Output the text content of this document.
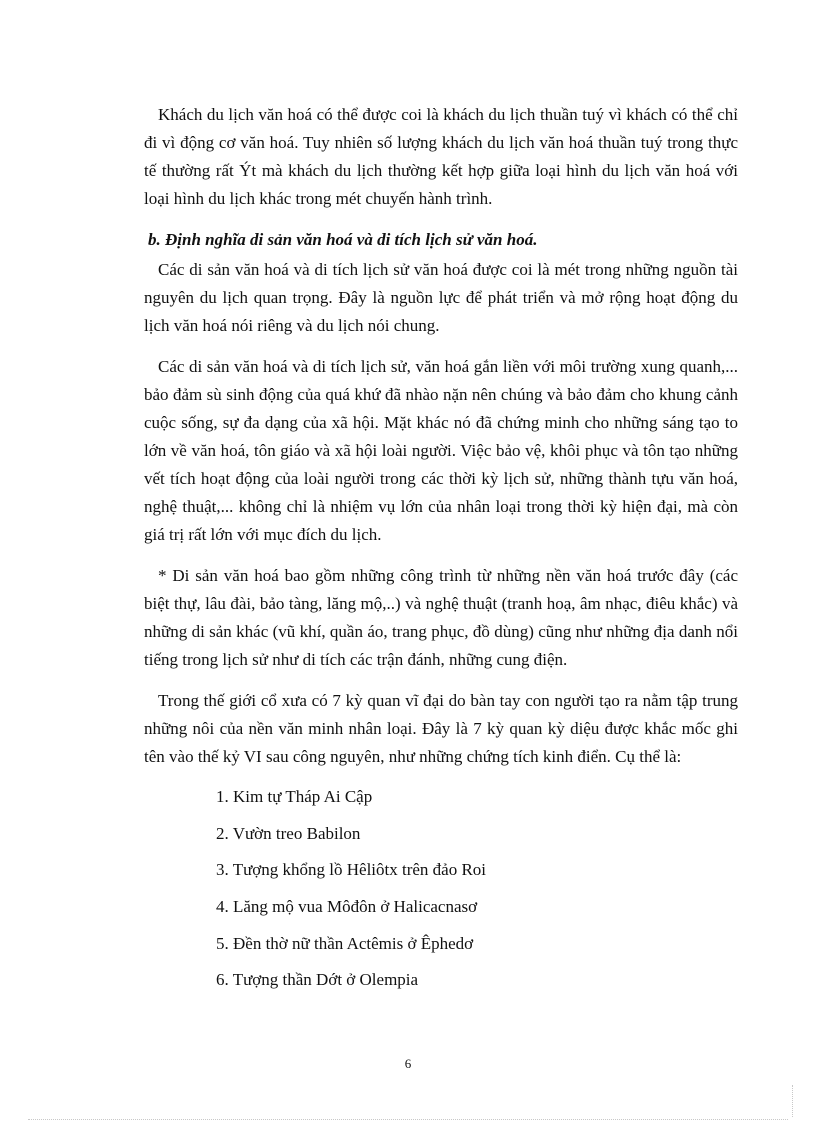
Khách du lịch văn hoá có thể được coi là khách du lịch thuần tuý vì khách có thể chỉ đi vì động cơ văn hoá. Tuy nhiên số lượng khách du lịch văn hoá thuần tuý trong thực tế thường rất Ýt mà khách du lịch thường kết hợp giữa loại hình du lịch văn hoá với loại hình du lịch khác trong mét chuyến hành trình.

b. Định nghĩa di sản văn hoá và di tích lịch sử văn hoá.

Các di sản văn hoá và di tích lịch sử văn hoá được coi là mét trong những nguồn tài nguyên du lịch quan trọng. Đây là nguồn lực để phát triển và mở rộng hoạt động du lịch văn hoá nói riêng và du lịch nói chung.

Các di sản văn hoá và di tích lịch sử, văn hoá gắn liền với môi trường xung quanh,... bảo đảm sù sinh động của quá khứ đã nhào nặn nên chúng và bảo đảm cho khung cảnh cuộc sống, sự đa dạng của xã hội. Mặt khác nó đã chứng minh cho những sáng tạo to lớn về văn hoá, tôn giáo và xã hội loài người. Việc bảo vệ, khôi phục và tôn tạo những vết tích hoạt động của loài người trong các thời kỳ lịch sử, những thành tựu văn hoá, nghệ thuật,... không chỉ là nhiệm vụ lớn của nhân loại trong thời kỳ hiện đại, mà còn giá trị rất lớn với mục đích du lịch.

* Di sản văn hoá bao gồm những công trình từ những nền văn hoá trước đây (các biệt thự, lâu đài, bảo tàng, lăng mộ,..) và nghệ thuật (tranh hoạ, âm nhạc, điêu khắc) và những di sản khác (vũ khí, quần áo, trang phục, đồ dùng) cũng như những địa danh nổi tiếng trong lịch sử như di tích các trận đánh, những cung điện.

Trong thế giới cổ xưa có 7 kỳ quan vĩ đại do bàn tay con người tạo ra nằm tập trung những nôi của nền văn minh nhân loại. Đây là 7 kỳ quan kỳ diệu được khắc mốc ghi tên vào thế kỷ VI sau công nguyên, như những chứng tích kinh điển. Cụ thể là:

1. Kim tự Tháp Ai Cập
2. Vườn treo Babilon
3. Tượng khổng lồ Hêliôtx trên đảo Roi
4. Lăng mộ vua Môđôn ở Halicacnasơ
5. Đền thờ nữ thần Actêmis ở Êphedơ
6. Tượng thần Dớt ở Olempia
6
